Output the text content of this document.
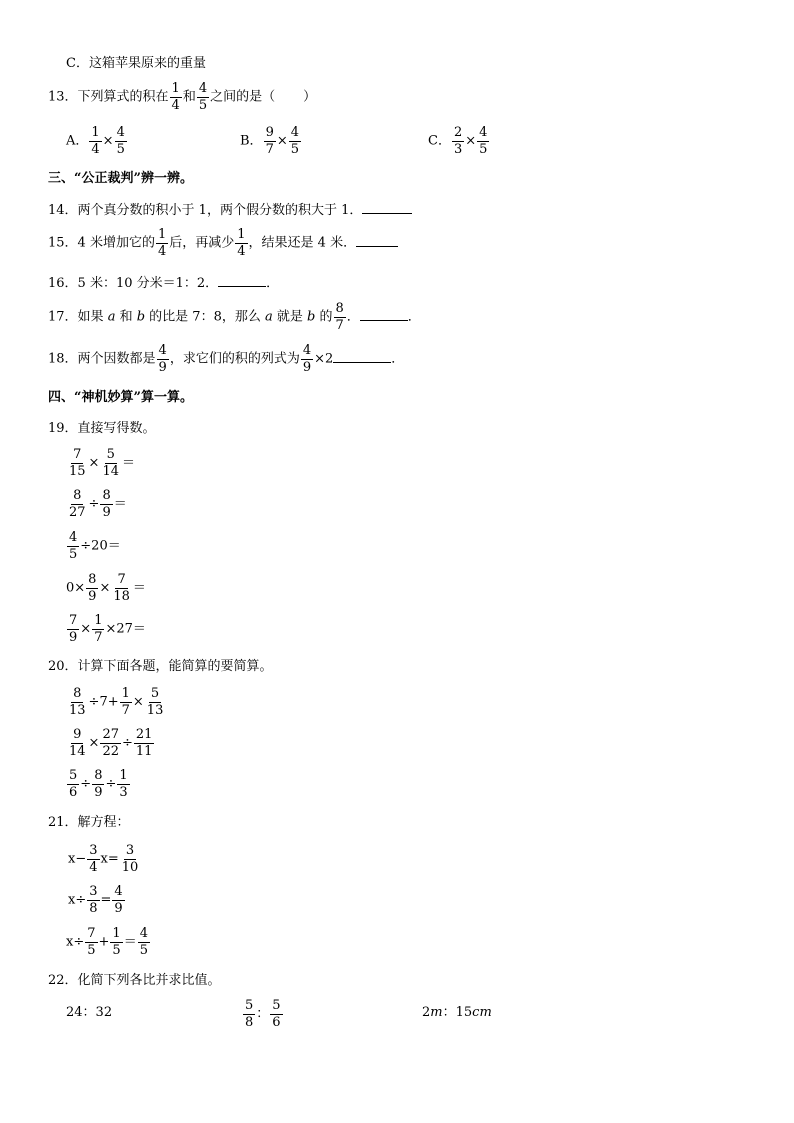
C．这箱苹果原来的重量
13．下列算式的积在 $\frac{1}{4}$ 和 $\frac{4}{5}$ 之间的是（ ）
A． $\frac{1}{4} \times \frac{4}{5}$	B． $\frac{9}{7} \times \frac{4}{5}$	C． $\frac{2}{3} \times \frac{4}{5}$
三、“公正裁判”辨一辨。
14．两个真分数的积小于 1，两个假分数的积大于 1．
15．4 米增加它的 $\frac{1}{4}$ 后，再减少 $\frac{1}{4}$ ，结果还是 4 米．
16．5 米：10 分米＝1：2．	．
17．如果 a 和 b 的比是 7：8，那么 a 就是 b 的 $\frac{8}{7}$ ．	．
18．两个因数都是 $\frac{4}{9}$ ，求它们的积的列式为 $\frac{4}{9} \times 2$	．
四、“神机妙算”算一算。
19．直接写得数。
$\frac{7}{15} \times \frac{5}{14}$ ＝
$\frac{8}{27} \div \frac{8}{9}$ ＝
$\frac{4}{5} \div 20=$
$0\times \frac{8}{9} \times \frac{7}{18}$ ＝
$\frac{7}{9} \times \frac{1}{7} \times 27=$
20．计算下面各题，能简算的要简算。
$\frac{8}{13} \div 7+ \frac{1}{7} \times \frac{5}{13}$
$\frac{9}{14} \times \frac{27}{22} \div \frac{21}{11}$
$\frac{5}{6} \div \frac{8}{9} \div \frac{1}{3}$
21．解方程：
$x- \frac{3}{4} x= \frac{3}{10}$
$x\div \frac{3}{8} = \frac{4}{9}$
$x\div \frac{7}{5} + \frac{1}{5} = \frac{4}{5}$
22．化简下列各比并求比值。
24：32	$\frac{5}{8}$ ： $\frac{5}{6}$	2m：15cm
